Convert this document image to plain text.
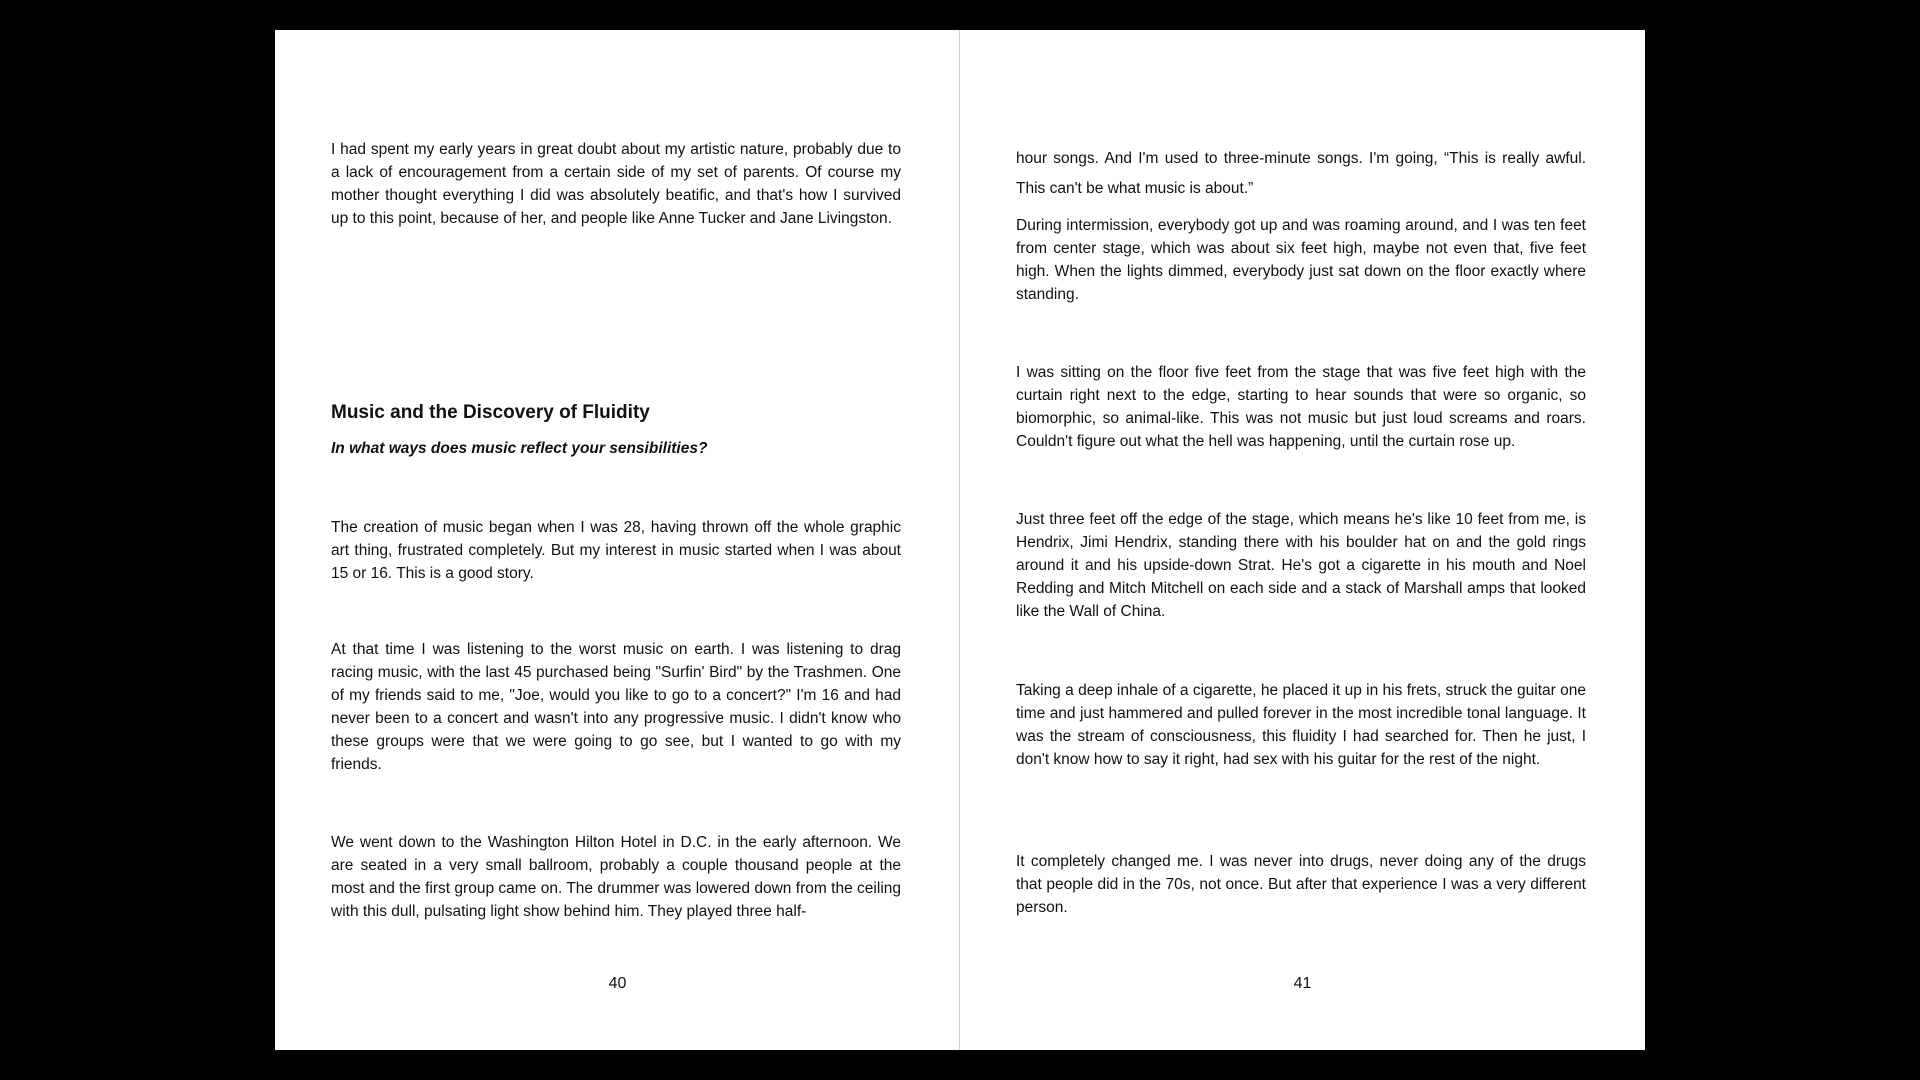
I had spent my early years in great doubt about my artistic nature, probably due to a lack of encouragement from a certain side of my set of parents. Of course my mother thought everything I did was absolutely beatific, and that's how I survived up to this point, because of her, and people like Anne Tucker and Jane Livingston.

Music and the Discovery of Fluidity

In what ways does music reflect your sensibilities?

The creation of music began when I was 28, having thrown off the whole graphic art thing, frustrated completely. But my interest in music started when I was about 15 or 16. This is a good story.

At that time I was listening to the worst music on earth. I was listening to drag racing music, with the last 45 purchased being "Surfin' Bird" by the Trashmen. One of my friends said to me, "Joe, would you like to go to a concert?" I'm 16 and had never been to a concert and wasn't into any progressive music. I didn't know who these groups were that we were going to go see, but I wanted to go with my friends.

We went down to the Washington Hilton Hotel in D.C. in the early afternoon. We are seated in a very small ballroom, probably a couple thousand people at the most and the first group came on. The drummer was lowered down from the ceiling with this dull, pulsating light show behind him. They played three half-

40

hour songs. And I'm used to three-minute songs. I'm going, “This is really awful. This can't be what music is about.”

During intermission, everybody got up and was roaming around, and I was ten feet from center stage, which was about six feet high, maybe not even that, five feet high. When the lights dimmed, everybody just sat down on the floor exactly where standing.

I was sitting on the floor five feet from the stage that was five feet high with the curtain right next to the edge, starting to hear sounds that were so organic, so biomorphic, so animal-like. This was not music but just loud screams and roars. Couldn't figure out what the hell was happening, until the curtain rose up.

Just three feet off the edge of the stage, which means he's like 10 feet from me, is Hendrix, Jimi Hendrix, standing there with his boulder hat on and the gold rings around it and his upside-down Strat. He's got a cigarette in his mouth and Noel Redding and Mitch Mitchell on each side and a stack of Marshall amps that looked like the Wall of China.

Taking a deep inhale of a cigarette, he placed it up in his frets, struck the guitar one time and just hammered and pulled forever in the most incredible tonal language. It was the stream of consciousness, this fluidity I had searched for. Then he just, I don't know how to say it right, had sex with his guitar for the rest of the night.

It completely changed me. I was never into drugs, never doing any of the drugs that people did in the 70s, not once. But after that experience I was a very different person.

41
